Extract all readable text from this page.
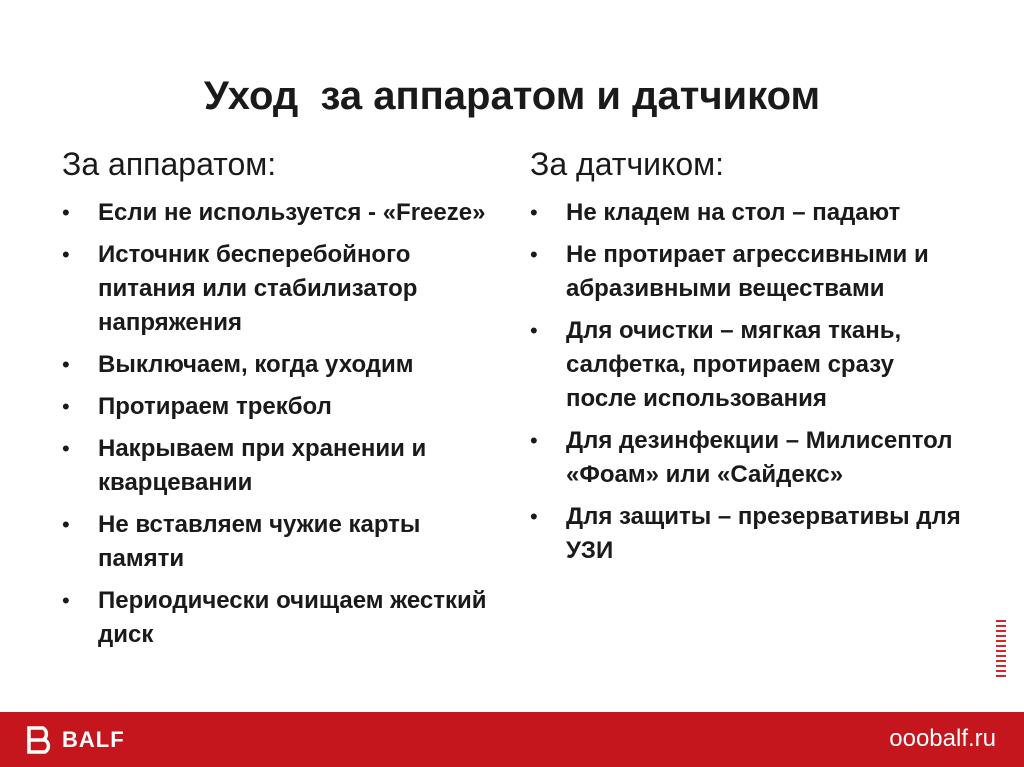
Уход  за аппаратом и датчиком
За аппаратом:
• Если не используется - «Freeze»
• Источник бесперебойного питания или стабилизатор напряжения
• Выключаем, когда уходим
• Протираем трекбол
• Накрываем при хранении и кварцевании
• Не вставляем чужие карты памяти
• Периодически очищаем жесткий диск
За датчиком:
• Не кладем на стол – падают
• Не протирает агрессивными и абразивными веществами
• Для очистки – мягкая ткань, салфетка, протираем сразу после использования
• Для дезинфекции – Милисептол «Фоам» или «Сайдекс»
• Для защиты – презервативы для УЗИ
BALF	ooobalf.ru
